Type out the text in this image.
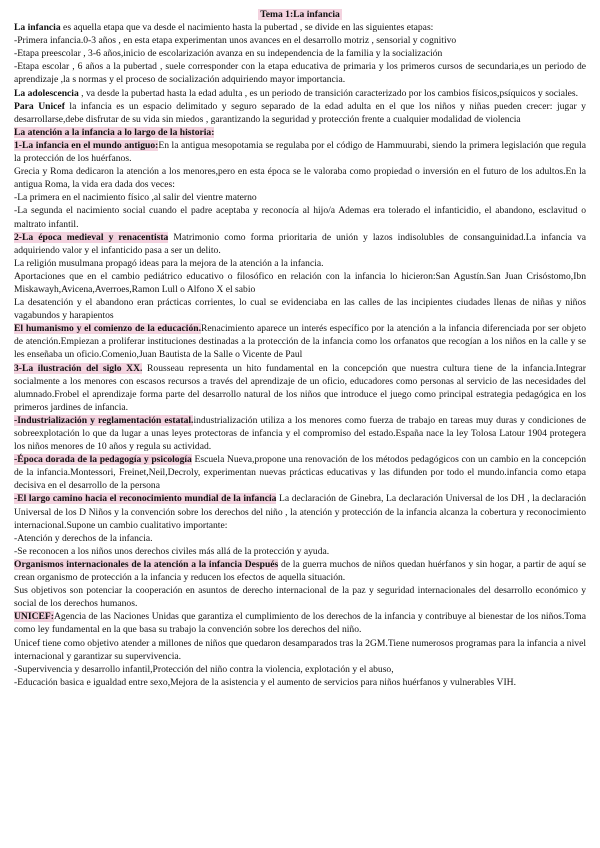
Tema 1:La infancia

La infancia es aquella etapa que va desde el nacimiento hasta la pubertad , se divide en las siguientes etapas:

-Primera infancia.0-3 años , en esta etapa experimentan unos avances en el desarrollo motriz , sensorial y cognitivo

-Etapa preescolar , 3-6 años,inicio de escolarización avanza en su independencia de la familia y la socialización

-Etapa escolar , 6 años a la pubertad , suele corresponder con la etapa educativa de primaria y los primeros cursos de secundaria,es un periodo de aprendizaje ,la s normas y el proceso de socialización adquiriendo mayor importancia.

La adolescencia , va desde la pubertad hasta la edad adulta , es un periodo de transición caracterizado por los cambios físicos,psíquicos y sociales.

Para Unicef la infancia es un espacio delimitado y seguro separado de la edad adulta en el que los niños y niñas pueden crecer: jugar y desarrollarse,debe disfrutar de su vida sin miedos , garantizando la seguridad y protección frente a cualquier modalidad de violencia

La atención a la infancia a lo largo de la historia:

1-La infancia en el mundo antiguo:En la antigua mesopotamia se regulaba por el código de Hammuurabi, siendo la primera legislación que regula la protección de los huérfanos.

Grecia y Roma dedicaron la atención a los menores,pero en esta época se le valoraba como propiedad o inversión en el futuro de los adultos.En la antigua Roma, la vida era dada dos veces:

-La primera en el nacimiento físico ,al salir del vientre materno

-La segunda el nacimiento social cuando el padre aceptaba y reconocía al hijo/a Ademas era tolerado el infanticidio, el abandono, esclavitud o maltrato infantil.

2-La época medieval y renacentista Matrimonio como forma prioritaria de unión y lazos indisolubles de consanguinidad.La infancia va adquiriendo valor y el infanticido pasa a ser un delito.

La religión musulmana propagó ideas para la mejora de la atención a la infancia.

Aportaciones que en el cambio pediátrico educativo o filosófico en relación con la infancia lo hicieron:San Agustín.San Juan Crisóstomo,Ibn Miskawayh,Avicena,Averroes,Ramon Lull o Alfono X el sabio

La desatención y el abandono eran prácticas corrientes, lo cual se evidenciaba en las calles de las incipientes ciudades llenas de niñas y niños vagabundos y harapientos

El humanismo y el comienzo de la educación.Renacimiento aparece un interés específico por la atención a la infancia diferenciada por ser objeto de atención.Empiezan a proliferar instituciones destinadas a la protección de la infancia como los orfanatos que recogían a los niños en la calle y se les enseñaba un oficio.Comenio,Juan Bautista de la Salle o Vicente de Paul

3-La ilustración del siglo XX. Rousseau representa un hito fundamental en la concepción que nuestra cultura tiene de la infancia.Integrar socialmente a los menores con escasos recursos a través del aprendizaje de un oficio, educadores como personas al servicio de las necesidades del alumnado.Frobel el aprendizaje forma parte del desarrollo natural de los niños que introduce el juego como principal estrategia pedagógica en los primeros jardines de infancia.

-Industrialización y reglamentación estatal.industrialización utiliza a los menores como fuerza de trabajo en tareas muy duras y condiciones de sobreexplotación lo que da lugar a unas leyes protectoras de infancia y el compromiso del estado.España nace la ley Tolosa Latour 1904 protegera los niños menores de 10 años y regula su actividad.

-Época dorada de la pedagogía y psicología Escuela Nueva,propone una renovación de los métodos pedagógicos con un cambio en la concepción de la infancia.Montessori, Freinet,Neil,Decroly, experimentan nuevas prácticas educativas y las difunden por todo el mundo.infancia como etapa decisiva en el desarrollo de la persona

-El largo camino hacia el reconocimiento mundial de la infancia La declaración de Ginebra, La declaración Universal de los DH , la declaración Universal de los D Niños y la convención sobre los derechos del niño , la atención y protección de la infancia alcanza la cobertura y reconocimiento internacional.Supone un cambio cualitativo importante:

-Atención y derechos de la infancia.

-Se reconocen a los niños unos derechos civiles más allá de la protección y ayuda.

Organismos internacionales de la atención a la infancia Después de la guerra muchos de niños quedan huérfanos y sin hogar, a partir de aquí se crean organismo de protección a la infancia y reducen los efectos de aquella situación.

Sus objetivos son potenciar la cooperación en asuntos de derecho internacional de la paz y seguridad internacionales del desarrollo económico y social de los derechos humanos.

UNICEF:Agencia de las Naciones Unidas que garantiza el cumplimiento de los derechos de la infancia y contribuye al bienestar de los niños.Toma como ley fundamental en la que basa su trabajo la convención sobre los derechos del niño.

Unicef tiene como objetivo atender a millones de niños que quedaron desamparados tras la 2GM.Tiene numerosos programas para la infancia a nivel internacional y garantizar su supervivencia.

-Supervivencia y desarrollo infantil,Protección del niño contra la violencia, explotación y el abuso,

-Educación basica e igualdad entre sexo,Mejora de la asistencia y el aumento de servicios para niños huérfanos y vulnerables VIH.
